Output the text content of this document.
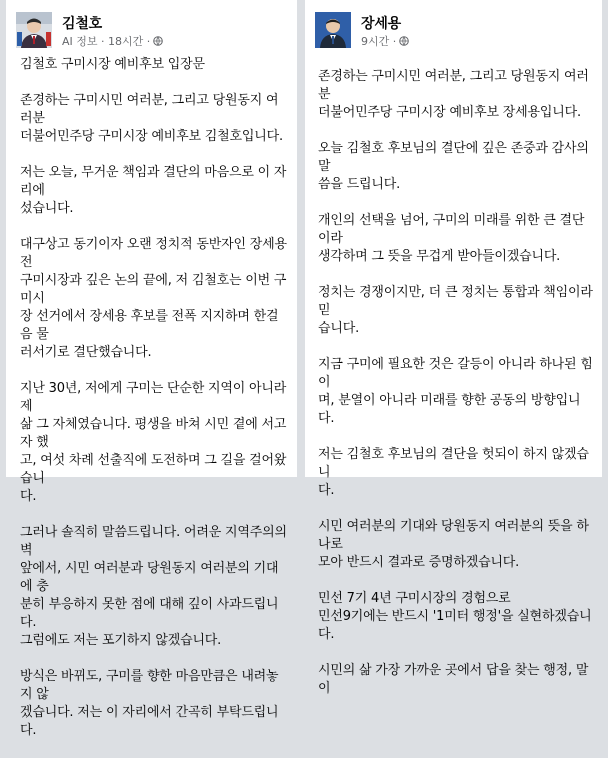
김철호
AI 정보 · 18시간 ·

김철호 구미시장 예비후보 입장문

존경하는 구미시민 여러분, 그리고 당원동지 여러분
더불어민주당 구미시장 예비후보 김철호입니다.

저는 오늘, 무거운 책임과 결단의 마음으로 이 자리에
섰습니다.

대구상고 동기이자 오랜 정치적 동반자인 장세용 전
구미시장과 깊은 논의 끝에, 저 김철호는 이번 구미시
장 선거에서 장세용 후보를 전폭 지지하며 한걸음 물
러서기로 결단했습니다.

지난 30년, 저에게 구미는 단순한 지역이 아니라 제
삶 그 자체였습니다. 평생을 바쳐 시민 곁에 서고자 했
고, 여섯 차례 선출직에 도전하며 그 길을 걸어왔습니
다.

그러나 솔직히 말씀드립니다. 어려운 지역주의의 벽
앞에서, 시민 여러분과 당원동지 여러분의 기대에 충
분히 부응하지 못한 점에 대해 깊이 사과드립니다.
그럼에도 저는 포기하지 않겠습니다.

방식은 바뀌도, 구미를 향한 마음만큼은 내려놓지 않
겠습니다. 저는 이 자리에서 간곡히 부탁드립니다.

장세용
9시간 ·

존경하는 구미시민 여러분, 그리고 당원동지 여러분
더불어민주당 구미시장 예비후보 장세용입니다.

오늘 김철호 후보님의 결단에 깊은 존중과 감사의 말
씀을 드립니다.

개인의 선택을 넘어, 구미의 미래를 위한 큰 결단이라
생각하며 그 뜻을 무겁게 받아들이겠습니다.

정치는 경쟁이지만, 더 큰 정치는 통합과 책임이라 믿
습니다.

지금 구미에 필요한 것은 갈등이 아니라 하나된 힘이
며, 분열이 아니라 미래를 향한 공동의 방향입니다.

저는 김철호 후보님의 결단을 헛되이 하지 않겠습니
다.

시민 여러분의 기대와 당원동지 여러분의 뜻을 하나로
모아 반드시 결과로 증명하겠습니다.

민선 7기 4년 구미시장의 경험으로
민선9기에는 반드시 '1미터 행정'을 실현하겠습니다.

시민의 삶 가장 가까운 곳에서 답을 찾는 행정, 말이
